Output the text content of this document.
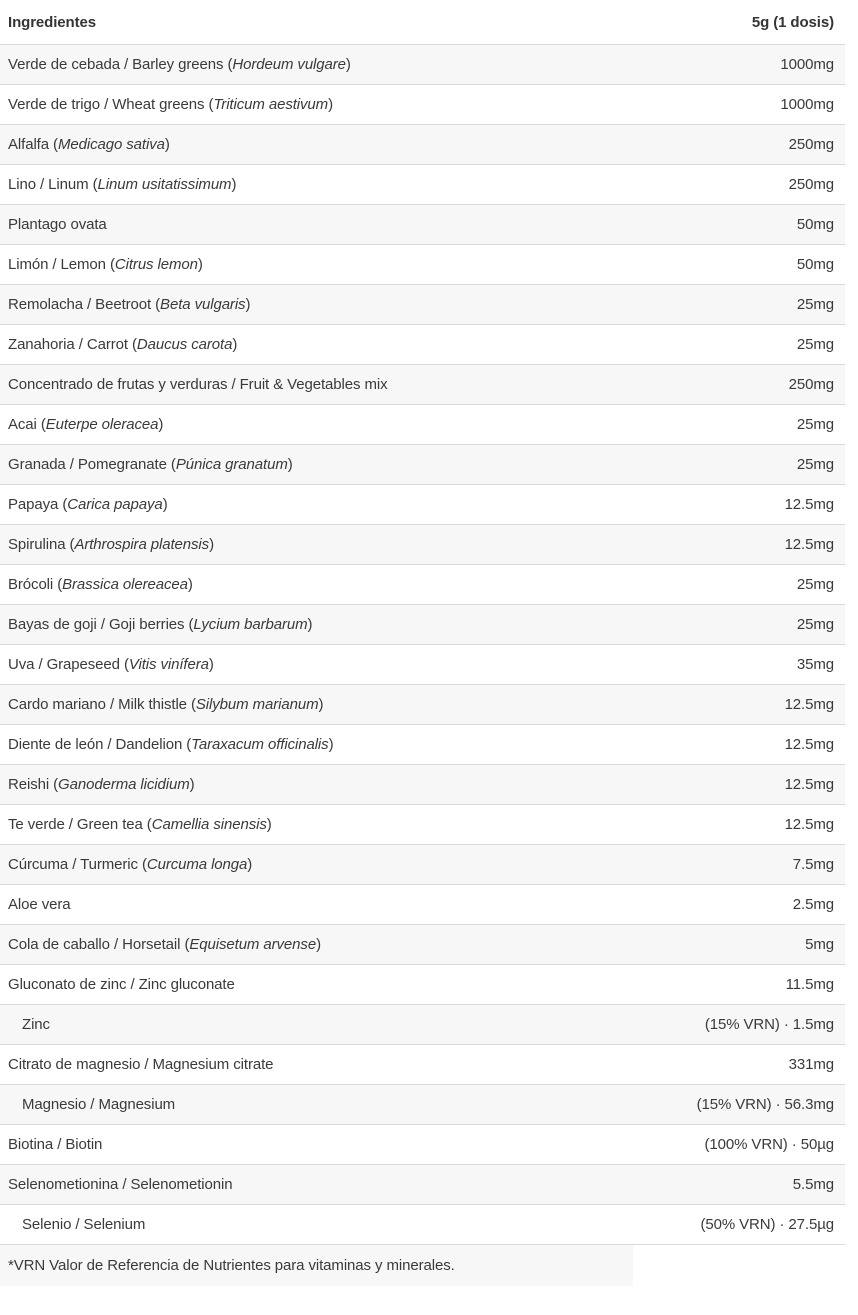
Ingredientes	5g (1 dosis)
Verde de cebada / Barley greens (Hordeum vulgare)	1000mg
Verde de trigo / Wheat greens (Triticum aestivum)	1000mg
Alfalfa (Medicago sativa)	250mg
Lino / Linum (Linum usitatissimum)	250mg
Plantago ovata	50mg
Limón / Lemon (Citrus lemon)	50mg
Remolacha / Beetroot (Beta vulgaris)	25mg
Zanahoria / Carrot (Daucus carota)	25mg
Concentrado de frutas y verduras / Fruit & Vegetables mix	250mg
Acai (Euterpe oleracea)	25mg
Granada / Pomegranate (Púnica granatum)	25mg
Papaya (Carica papaya)	12.5mg
Spirulina (Arthrospira platensis)	12.5mg
Brócoli (Brassica olereacea)	25mg
Bayas de goji / Goji berries (Lycium barbarum)	25mg
Uva / Grapeseed (Vitis vinífera)	35mg
Cardo mariano / Milk thistle (Silybum marianum)	12.5mg
Diente de león / Dandelion (Taraxacum officinalis)	12.5mg
Reishi (Ganoderma licidium)	12.5mg
Te verde / Green tea (Camellia sinensis)	12.5mg
Cúrcuma / Turmeric (Curcuma longa)	7.5mg
Aloe vera	2.5mg
Cola de caballo / Horsetail (Equisetum arvense)	5mg
Gluconato de zinc / Zinc gluconate	11.5mg
Zinc	(15% VRN) · 1.5mg
Citrato de magnesio / Magnesium citrate	331mg
Magnesio / Magnesium	(15% VRN) · 56.3mg
Biotina / Biotin	(100% VRN) · 50µg
Selenometionina / Selenometionin	5.5mg
Selenio / Selenium	(50% VRN) · 27.5µg
*VRN Valor de Referencia de Nutrientes para vitaminas y minerales.
